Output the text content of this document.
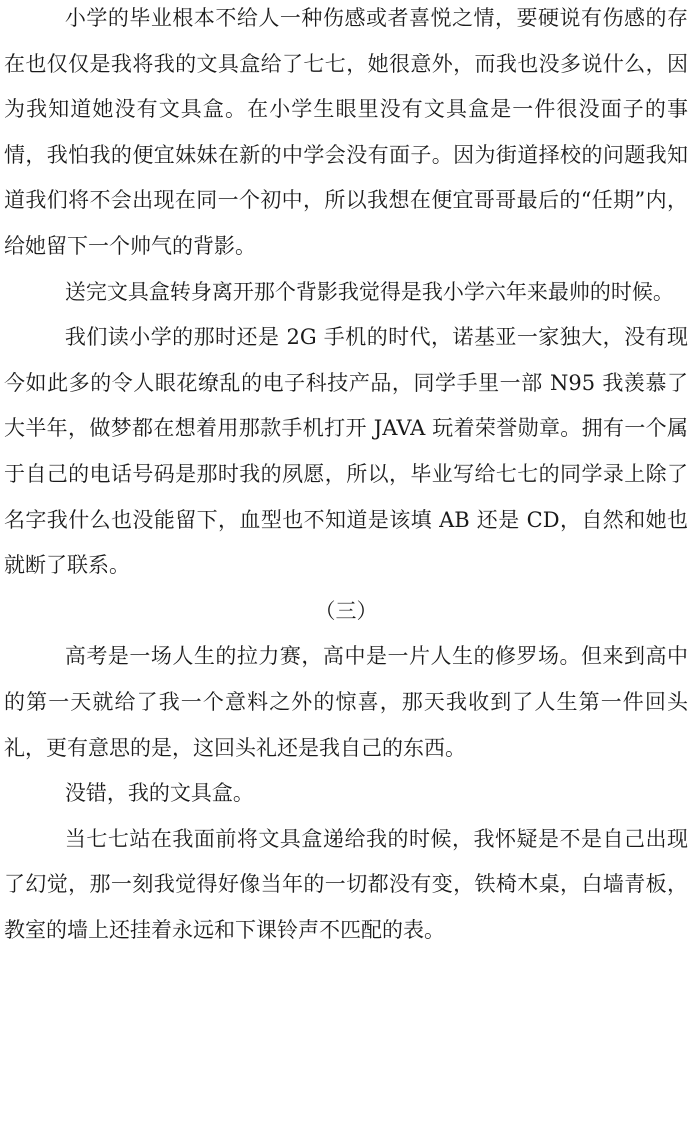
小学的毕业根本不给人一种伤感或者喜悦之情，要硬说有伤感的存在也仅仅是我将我的文具盒给了七七，她很意外，而我也没多说什么，因为我知道她没有文具盒。在小学生眼里没有文具盒是一件很没面子的事情，我怕我的便宜妹妹在新的中学会没有面子。因为街道择校的问题我知道我们将不会出现在同一个初中，所以我想在便宜哥哥最后的“任期”内，给她留下一个帅气的背影。

送完文具盒转身离开那个背影我觉得是我小学六年来最帅的时候。

我们读小学的那时还是 2G 手机的时代，诺基亚一家独大，没有现今如此多的令人眼花缭乱的电子科技产品，同学手里一部 N95 我羡慕了大半年，做梦都在想着用那款手机打开 JAVA 玩着荣誉勋章。拥有一个属于自己的电话号码是那时我的夙愿，所以，毕业写给七七的同学录上除了名字我什么也没能留下，血型也不知道是该填 AB 还是 CD，自然和她也就断了联系。

（三）

高考是一场人生的拉力赛，高中是一片人生的修罗场。但来到高中的第一天就给了我一个意料之外的惊喜，那天我收到了人生第一件回头礼，更有意思的是，这回头礼还是我自己的东西。

没错，我的文具盒。

当七七站在我面前将文具盒递给我的时候，我怀疑是不是自己出现了幻觉，那一刻我觉得好像当年的一切都没有变，铁椅木桌，白墙青板，教室的墙上还挂着永远和下课铃声不匹配的表。
